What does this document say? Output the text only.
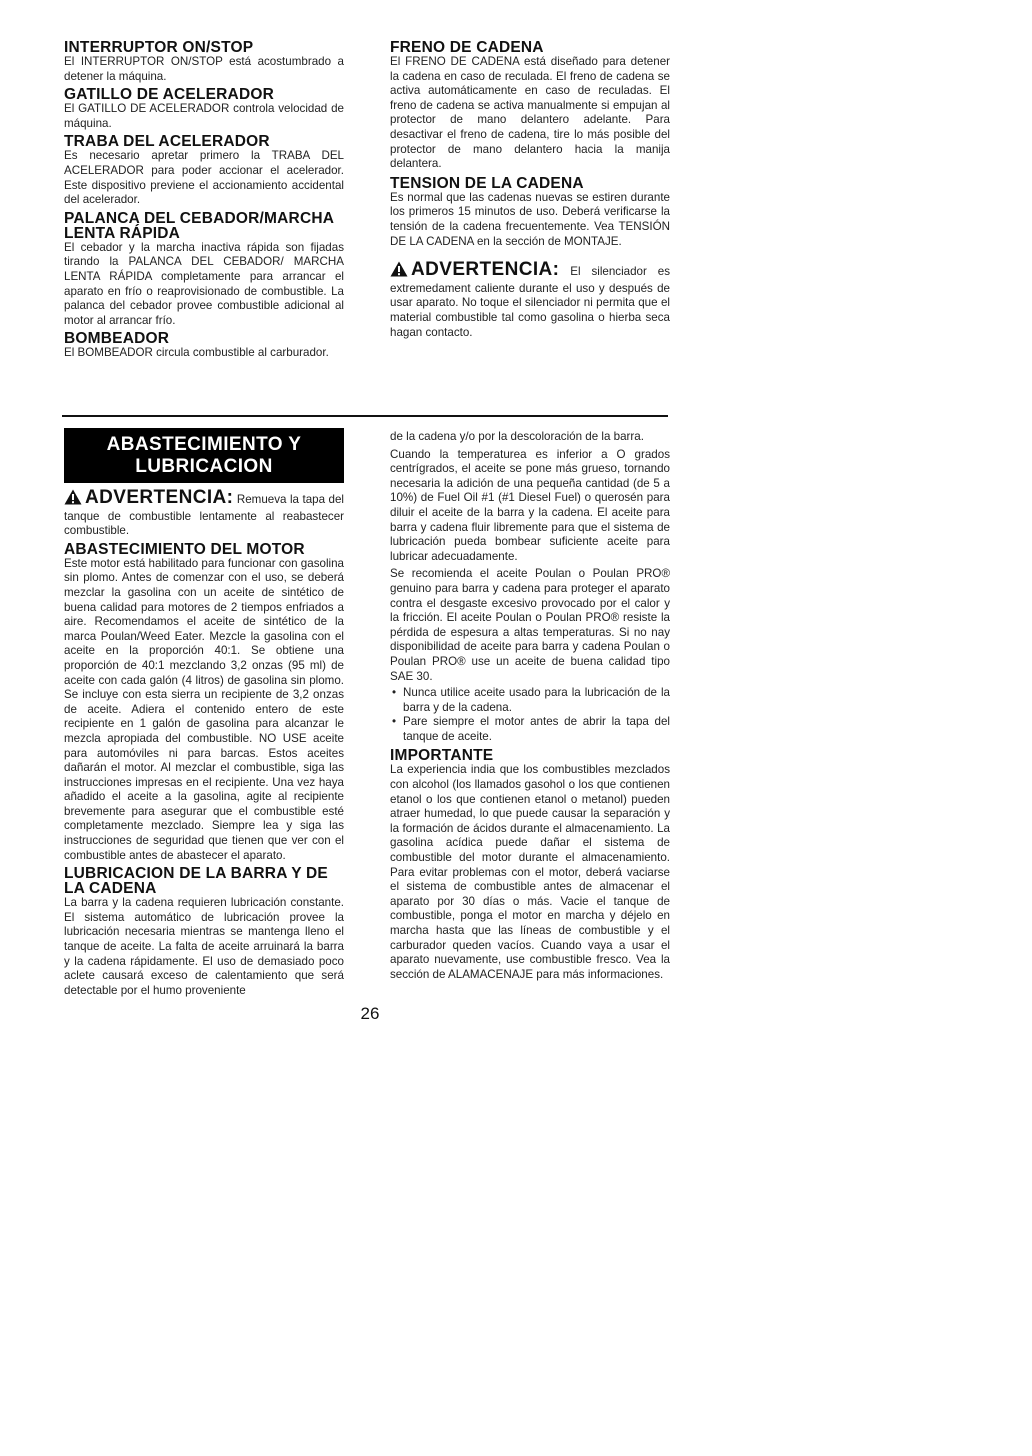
INTERRUPTOR ON/STOP

El INTERRUPTOR ON/STOP está acostumbrado a detener la máquina.

GATILLO DE ACELERADOR

El GATILLO DE ACELERADOR controla velocidad de máquina.

TRABA DEL ACELERADOR

Es necesario apretar primero la TRABA DEL ACELERADOR para poder accionar el acelerador. Este dispositivo previene el accionamiento accidental del acelerador.

PALANCA DEL CEBADOR/MARCHA LENTA RÁPIDA

El cebador y la marcha inactiva rápida son fijadas tirando la PALANCA DEL CEBADOR/ MARCHA LENTA RÁPIDA completamente para arrancar el aparato en frío o reaprovisionado de combustible. La palanca del cebador provee combustible adicional al motor al arrancar frío.

BOMBEADOR

El BOMBEADOR circula combustible al carburador.

FRENO DE CADENA

El FRENO DE CADENA está diseñado para detener la cadena en caso de reculada. El freno de cadena se activa automáticamente en caso de reculadas. El freno de cadena se activa manualmente si empujan al protector de mano delantero adelante. Para desactivar el freno de cadena, tire lo más posible del protector de mano delantero hacia la manija delantera.

TENSION DE LA CADENA

Es normal que las cadenas nuevas se estiren durante los primeros 15 minutos de uso. Deberá verificarse la tensión de la cadena frecuentemente. Vea TENSIÓN DE LA CADENA en la sección de MONTAJE.

ADVERTENCIA: El silenciador es extremedament caliente durante el uso y después de usar aparato. No toque el silenciador ni permita que el material combustible tal como gasolina o hierba seca hagan contacto.

ABASTECIMIENTO Y LUBRICACION

ADVERTENCIA: Remueva la tapa del tanque de combustible lentamente al reabastecer combustible.

ABASTECIMIENTO DEL MOTOR

Este motor está habilitado para funcionar con gasolina sin plomo. Antes de comenzar con el uso, se deberá mezclar la gasolina con un aceite de sintético de buena calidad para motores de 2 tiempos enfriados a aire. Recomendamos el aceite de sintético de la marca Poulan/Weed Eater. Mezcle la gasolina con el aceite en la proporción 40:1. Se obtiene una proporción de 40:1 mezclando 3,2 onzas (95 ml) de aceite con cada galón (4 litros) de gasolina sin plomo. Se incluye con esta sierra un recipiente de 3,2 onzas de aceite. Adiera el contenido entero de este recipiente en 1 galón de gasolina para alcanzar le mezcla apropiada del combustible. NO USE aceite para automóviles ni para barcas. Estos aceites dañarán el motor. Al mezclar el combustible, siga las instrucciones impresas en el recipiente. Una vez haya añadido el aceite a la gasolina, agite al recipiente brevemente para asegurar que el combustible esté completamente mezclado. Siempre lea y siga las instrucciones de seguridad que tienen que ver con el combustible antes de abastecer el aparato.

LUBRICACION DE LA BARRA Y DE LA CADENA

La barra y la cadena requieren lubricación constante. El sistema automático de lubricación provee la lubricación necesaria mientras se mantenga lleno el tanque de aceite. La falta de aceite arruinará la barra y la cadena rápidamente. El uso de demasiado poco aclete causará exceso de calentamiento que será detectable por el humo proveniente

de la cadena y/o por la descoloración de la barra.

Cuando la temperaturea es inferior a O grados centrígrados, el aceite se pone más grueso, tornando necesaria la adición de una pequeña cantidad (de 5 a 10%) de Fuel Oil #1 (#1 Diesel Fuel) o querosén para diluir el aceite de la barra y la cadena. El aceite para barra y cadena fluir libremente para que el sistema de lubricación pueda bombear suficiente aceite para lubricar adecuadamente.

Se recomienda el aceite Poulan o Poulan PRO® genuino para barra y cadena para proteger el aparato contra el desgaste excesivo provocado por el calor y la fricción. El aceite Poulan o Poulan PRO® resiste la pérdida de espesura a altas temperaturas. Si no nay disponibilidad de aceite para barra y cadena Poulan o Poulan PRO® use un aceite de buena calidad tipo SAE 30.

• Nunca utilice aceite usado para la lubricación de la barra y de la cadena.
• Pare siempre el motor antes de abrir la tapa del tanque de aceite.
IMPORTANTE

La experiencia india que los combustibles mezclados con alcohol (los llamados gasohol o los que contienen etanol o los que contienen etanol o metanol) pueden atraer humedad, lo que puede causar la separación y la formación de ácidos durante el almacenamiento. La gasolina acídica puede dañar el sistema de combustible del motor durante el almacenamiento. Para evitar problemas con el motor, deberá vaciarse el sistema de combustible antes de almacenar el aparato por 30 días o más. Vacie el tanque de combustible, ponga el motor en marcha y déjelo en marcha hasta que las líneas de combustible y el carburador queden vacíos. Cuando vaya a usar el aparato nuevamente, use combustible fresco. Vea la sección de ALAMACENAJE para más informaciones.

26
